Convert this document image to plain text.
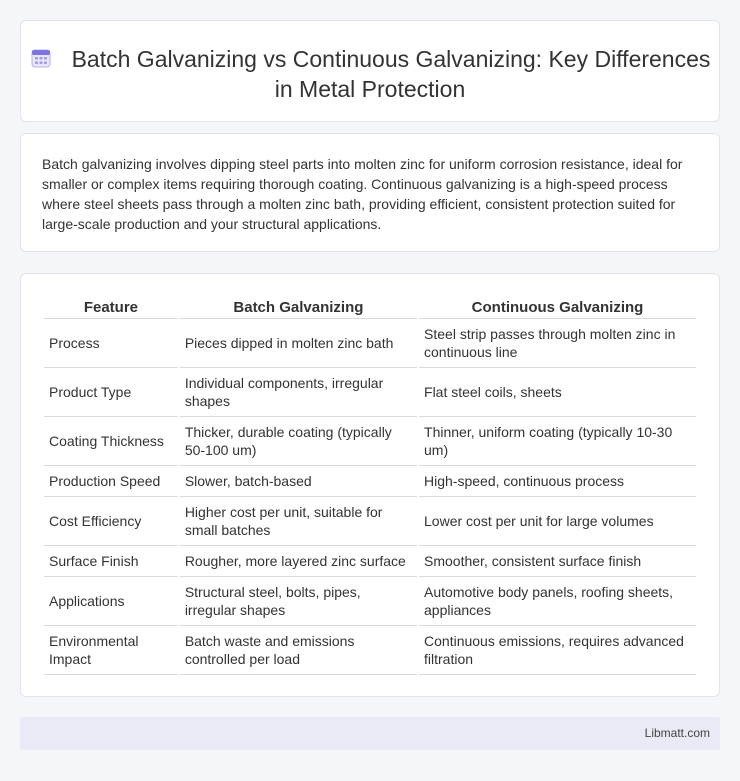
Batch Galvanizing vs Continuous Galvanizing: Key Differences in Metal Protection

Batch galvanizing involves dipping steel parts into molten zinc for uniform corrosion resistance, ideal for smaller or complex items requiring thorough coating. Continuous galvanizing is a high-speed process where steel sheets pass through a molten zinc bath, providing efficient, consistent protection suited for large-scale production and your structural applications.

Feature	Batch Galvanizing	Continuous Galvanizing
Process	Pieces dipped in molten zinc bath	Steel strip passes through molten zinc in continuous line
Product Type	Individual components, irregular shapes	Flat steel coils, sheets
Coating Thickness	Thicker, durable coating (typically 50-100 um)	Thinner, uniform coating (typically 10-30 um)
Production Speed	Slower, batch-based	High-speed, continuous process
Cost Efficiency	Higher cost per unit, suitable for small batches	Lower cost per unit for large volumes
Surface Finish	Rougher, more layered zinc surface	Smoother, consistent surface finish
Applications	Structural steel, bolts, pipes, irregular shapes	Automotive body panels, roofing sheets, appliances
Environmental Impact	Batch waste and emissions controlled per load	Continuous emissions, requires advanced filtration
Libmatt.com
